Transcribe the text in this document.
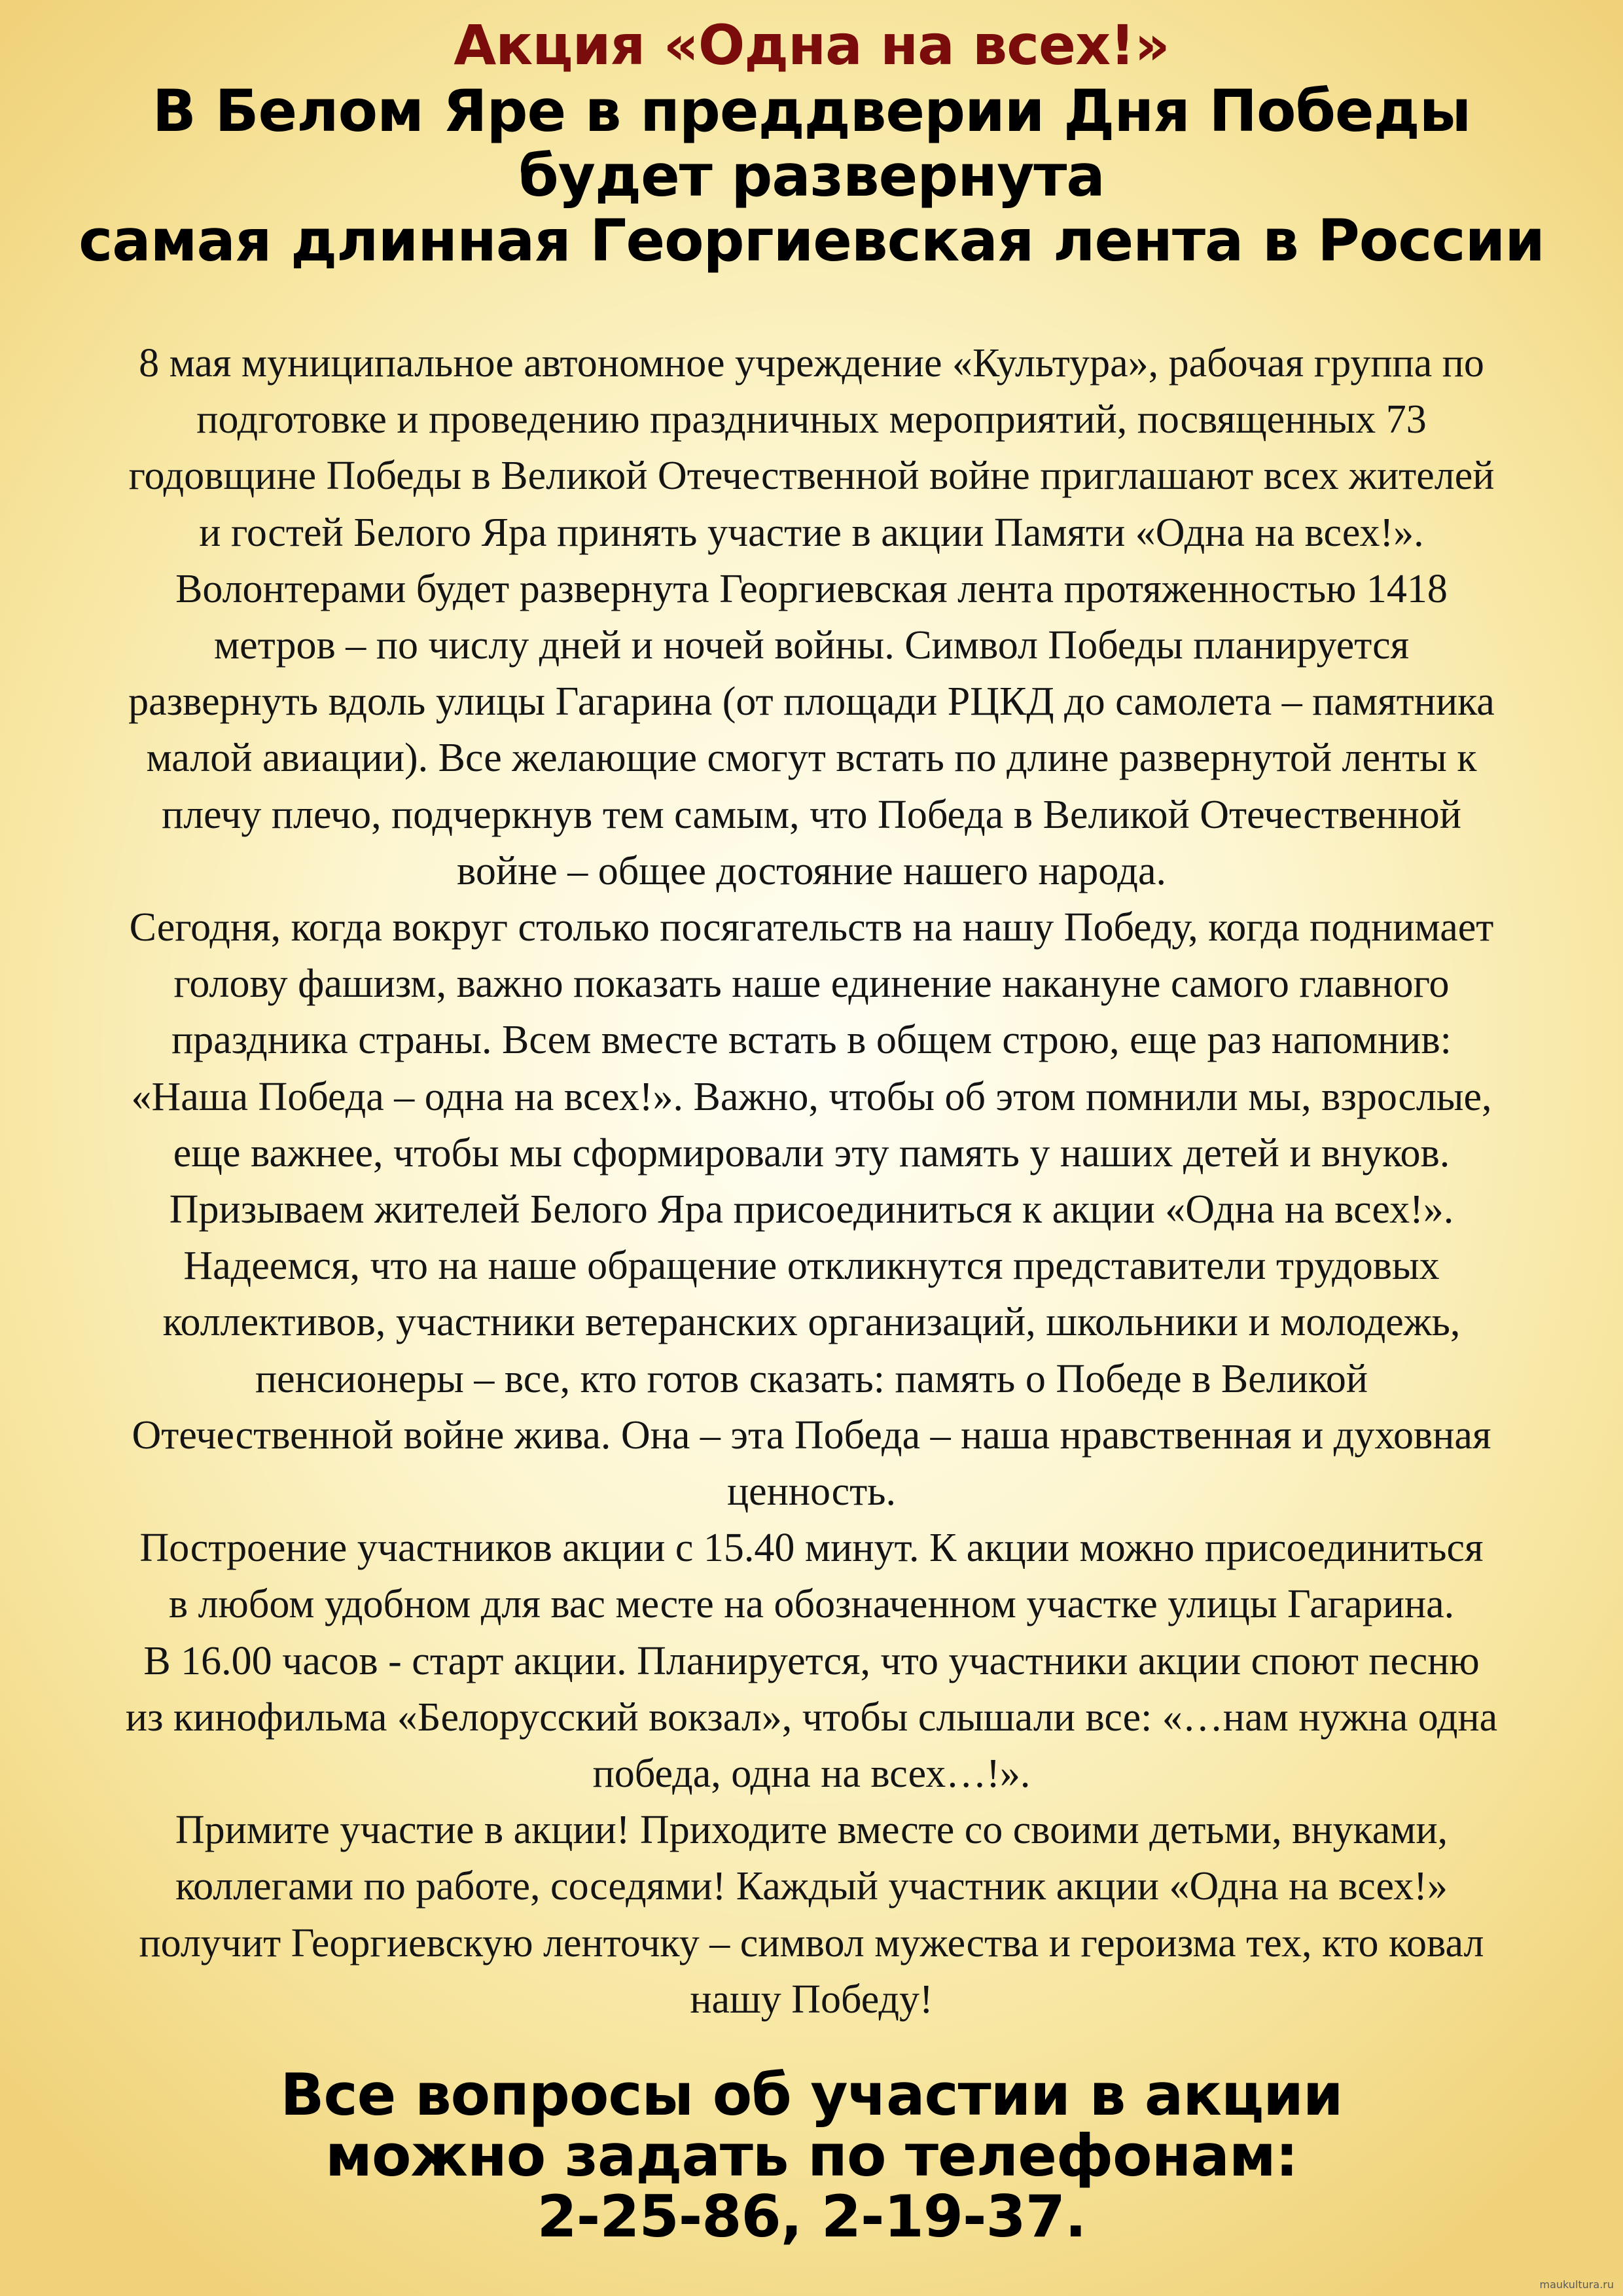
Акция «Одна на всех!»
В Белом Яре в преддверии Дня Победы
будет развернута
самая длинная Георгиевская лента в России
8 мая муниципальное автономное учреждение «Культура», рабочая группа по
подготовке и проведению праздничных мероприятий, посвященных 73
годовщине Победы в Великой Отечественной войне приглашают всех жителей
и гостей Белого Яра принять участие в акции Памяти «Одна на всех!».
Волонтерами будет развернута Георгиевская лента протяженностью 1418
метров – по числу дней и ночей войны. Символ Победы планируется
развернуть вдоль улицы Гагарина (от площади РЦКД до самолета – памятника
малой авиации). Все желающие смогут встать по длине развернутой ленты к
плечу плечо, подчеркнув тем самым, что Победа в Великой Отечественной
войне – общее достояние нашего народа.
Сегодня, когда вокруг столько посягательств на нашу Победу, когда поднимает
голову фашизм, важно показать наше единение накануне самого главного
праздника страны. Всем вместе встать в общем строю, еще раз напомнив:
«Наша Победа – одна на всех!». Важно, чтобы об этом помнили мы, взрослые,
еще важнее, чтобы мы сформировали эту память у наших детей и внуков.
Призываем жителей Белого Яра присоединиться к акции «Одна на всех!».
Надеемся, что на наше обращение откликнутся представители трудовых
коллективов, участники ветеранских организаций, школьники и молодежь,
пенсионеры – все, кто готов сказать: память о Победе в Великой
Отечественной войне жива. Она – эта Победа – наша нравственная и духовная
ценность.
Построение участников акции с 15.40 минут. К акции можно присоединиться
в любом удобном для вас месте на обозначенном участке улицы Гагарина.
В 16.00 часов - старт акции. Планируется, что участники акции споют песню
из кинофильма «Белорусский вокзал», чтобы слышали все: «…нам нужна одна
победа, одна на всех…!».
Примите участие в акции! Приходите вместе со своими детьми, внуками,
коллегами по работе, соседями! Каждый участник акции «Одна на всех!»
получит Георгиевскую ленточку – символ мужества и героизма тех, кто ковал
нашу Победу!
Все вопросы об участии в акции
можно задать по телефонам:
2-25-86, 2-19-37.
maukultura.ru
